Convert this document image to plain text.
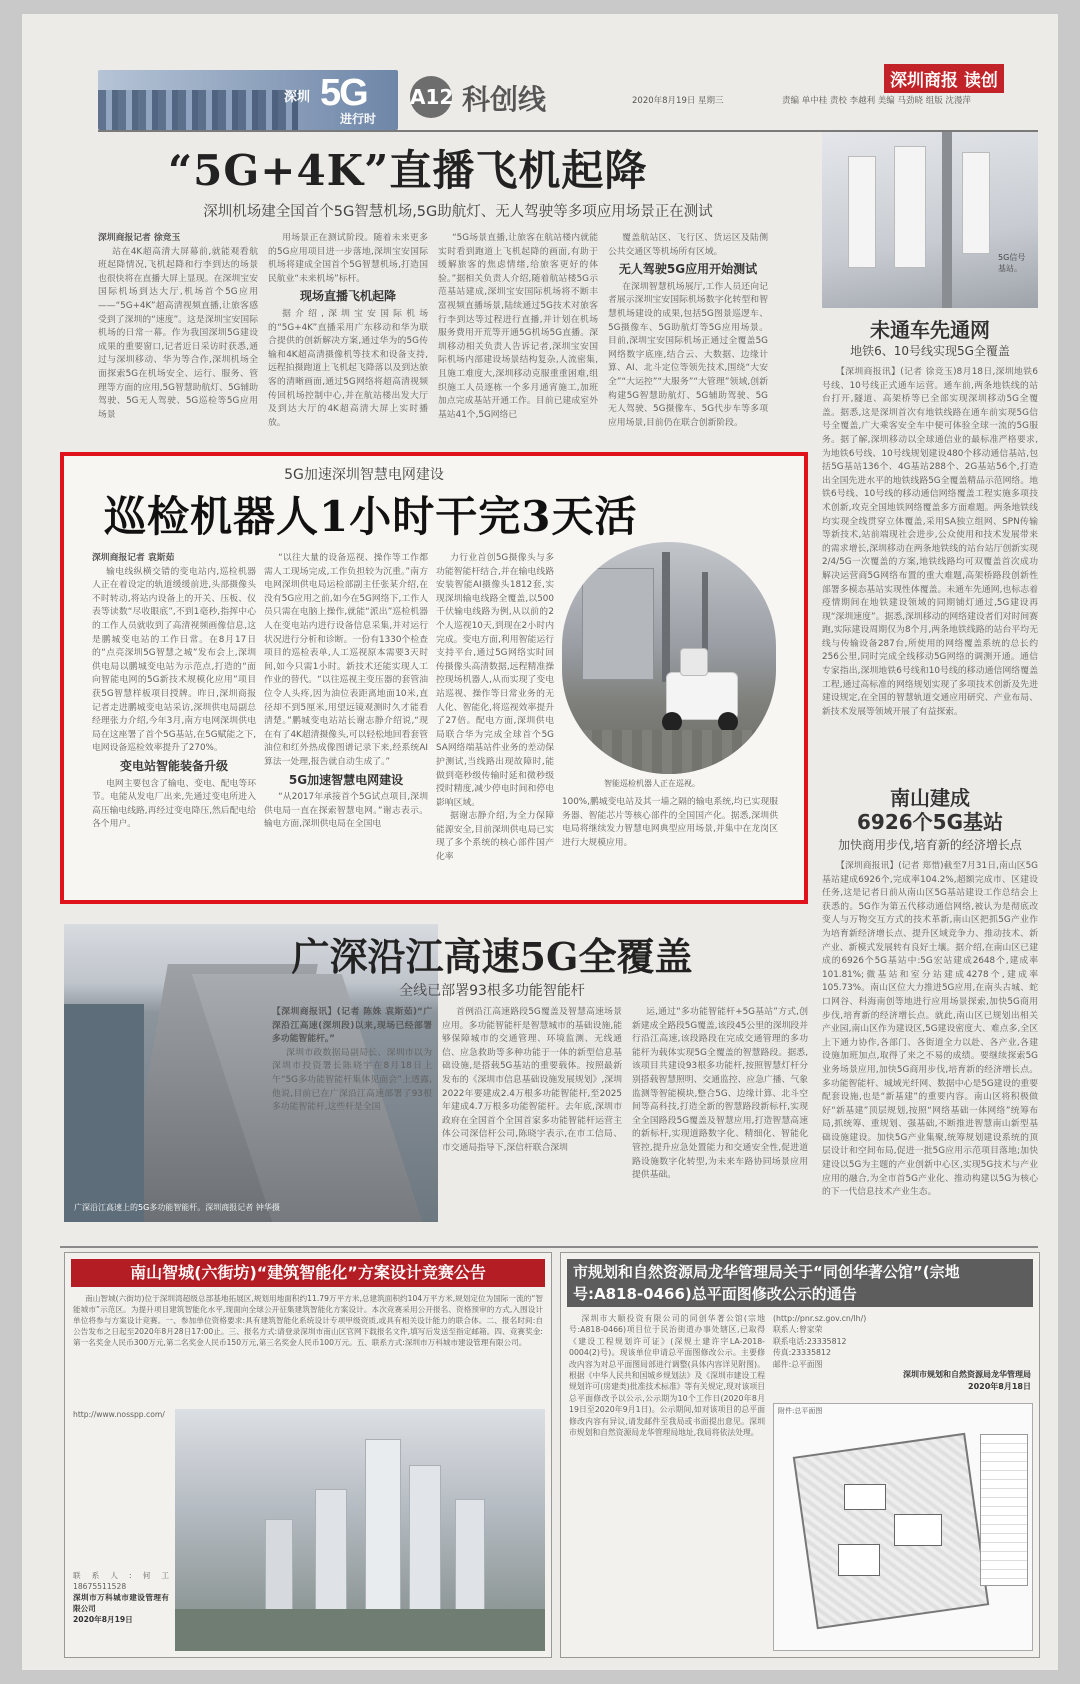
深圳 5G
进行时
A12 科创线
深圳商报 读创
2020年8月19日 星期三	责编 单中桂 责校 李越利 美编 马劲晓 组版 沈漫萍
“5G+4K”直播飞机起降
深圳机场建全国首个5G智慧机场,5G助航灯、无人驾驶等多项应用场景正在测试
深圳商报记者 徐竞玉

站在4K超高清大屏幕前,就能观看航班起降情况,飞机起降和行李到达的场景也很快将在直播大屏上显现。在深圳宝安国际机场到达大厅,机场首个5G应用——“5G+4K”超高清视频直播,让旅客感受到了深圳的“速度”。这是深圳宝安国际机场的日常一幕。作为我国深圳5G建设成果的重要窗口,记者近日采访时获悉,通过与深圳移动、华为等合作,深圳机场全面探索5G在机场安全、运行、服务、管理等方面的应用,5G智慧助航灯、5G辅助驾驶、5G无人驾驶、5G巡检等5G应用场景

用场景正在测试阶段。随着未来更多的5G应用项目进一步落地,深圳宝安国际机场将建成全国首个5G智慧机场,打造国民航业“未来机场”标杆。

现场直播飞机起降

据介绍,深圳宝安国际机场的“5G+4K”直播采用广东移动和华为联合提供的创新解决方案,通过华为的5G传输和4K超高清摄像机等技术和设备支持,远程拍摄跑道上飞机起飞降落以及到达旅客的清晰画面,通过5G网络将超高清视频传回机场控制中心,并在航站楼出发大厅及到达大厅的4K超高清大屏上实时播放。

“5G场景直播,让旅客在航站楼内就能实时看到跑道上飞机起降的画面,有助于缓解旅客的焦虑情绪,给旅客更好的体验。”据相关负责人介绍,随着航站楼5G示范基站建成,深圳宝安国际机场将不断丰富视频直播场景,陆续通过5G技术对旅客行李到达等过程进行直播,并计划在机场服务费用开荒等开通5G机场5G直播。深圳移动相关负责人告诉记者,深圳宝安国际机场内部建设场景结构复杂,人流密集,且施工难度大,深圳移动克服重重困难,组织施工人员逐栋一个多月通宵施工,加班加点完成基站开通工作。目前已建成室外基站41个,5G网络已

覆盖航站区、飞行区、货运区及陆侧公共交通区等机场所有区域。

无人驾驶5G应用开始测试

在深圳智慧机场展厅,工作人员还向记者展示深圳宝安国际机场数字化转型和智慧机场建设的成果,包括5G图景巡逻车、5G摄像车、5G助航灯等5G应用场景。目前,深圳宝安国际机场正通过全覆盖5G网络数字底座,结合云、大数据、边缘计算、AI、北斗定位等领先技术,围绕“大安全”“大运控”“大服务”“大管理”领域,创新构建5G智慧助航灯、5G辅助驾驶、5G无人驾驶、5G摄像车、5G代步车等多项应用场景,目前仍在联合创新阶段。

5G信号基站。
未通车先通网
地铁6、10号线实现5G全覆盖

【深圳商报讯】(记者 徐竞玉)8月18日,深圳地铁6号线、10号线正式通车运营。通车前,两条地铁线的站台打开,隧道、高架桥等已全部实现深圳移动5G全覆盖。据悉,这是深圳首次有地铁线路在通车前实现5G信号全覆盖,广大乘客安全车中便可体验全球一流的5G服务。据了解,深圳移动以全球通信业的最标准严格要求,为地铁6号线、10号线规划建设480个移动通信基站,包括5G基站136个、4G基站288个、2G基站56个,打造出全国先进水平的地铁线路5G全覆盖精品示范网络。地铁6号线、10号线的移动通信网络覆盖工程实施多项技术创新,攻克全国地铁网络覆盖多方面难题。两条地铁线均实现全线贯穿立体覆盖,采用SA独立组网、SPN传输等新技术,站前端现社会进步,公众使用和技术发展带来的需求增长,深圳移动在两条地铁线的站台站厅创新实现2/4/5G一次覆盖的方案,地铁线路均可双覆盖首次成功解决运营商5G网络布置的重大难题,高架桥路段创新性部署多模态基站实现性体覆盖。未通车先通网,也标志着疫情期间在地铁建设领域的同期铺灯通过,5G建设再现“深圳速度”。据悉,深圳移动的网络建设者们对时间赛跑,实际建设周期仅为8个月,两条地铁线路的站台平均无线与传输设备287台,所使用的网络覆盖系统的总长约256公里,同时完成全线移动5G网络的调测开通。通信专家指出,深圳地铁6号线和10号线的移动通信网络覆盖工程,通过高标准的网络规划实现了多项技术创新及先进建设规定,在全国的智慧轨道交通应用研究、产业布局、新技术发展等领域开展了有益探索。

南山建成
6926个5G基站
加快商用步伐,培育新的经济增长点

【深圳商报讯】(记者 郑惜)截至7月31日,南山区5G基站建成6926个,完成率104.2%,超额完成市、区建设任务,这是记者日前从南山区5G基站建设工作总结会上获悉的。5G作为第五代移动通信网络,被认为是彻底改变人与万物交互方式的技术革新,南山区把抓5G产业作为培育新经济增长点、提升区域竞争力、推动技术、新产业、新模式发展转有良好土壤。据介绍,在南山区已建成的6926个5G基站中:5G宏站建成2648个,建成率101.81%;微基站和室分站建成4278个,建成率105.73%。南山区位大力推进5G应用,在南头古城、蛇口网谷、科海南创等地进行应用场景探索,加快5G商用步伐,培育新的经济增长点。就此,南山区已规划出相关产业园,南山区作为建设区,5G建设密度大、难点多,全区上下通力协作,各部门、各街道全力以赴、各产业,各建设施加班加点,取得了来之不易的成绩。要继续探索5G业务场景应用,加快5G商用步伐,培育新的经济增长点。多功能智能杆、城域光纤网、数据中心是5G建设的重要配套设施,也是“新基建”的重要内容。南山区将积极做好“新基建”顶层规划,按照“网络基础一体网络”统筹布局,抓统筹、重规划、强基础,不断推进智慧南山新型基础设施建设。加快5G产业集聚,统筹规划建设系统的顶层设计和空间布局,促进一批5G应用示范项目落地;加快建设以5G为主题的产业创新中心区,实现5G技术与产业应用的融合,为全市首5G产业化、推动构建以5G为核心的下一代信息技术产业生态。

5G加速深圳智慧电网建设
巡检机器人1小时干完3天活
深圳商报记者 袁斯茹

输电线纵横交错的变电站内,巡检机器人正在着设定的轨道缓缓前进,头部摄像头不时转动,将站内设备上的开关、压板、仪表等读数“尽收眼底”,不到1毫秒,指挥中心的工作人员就收到了高清视频画像信息,这是鹏城变电站的工作日常。在8月17日的“点亮深圳5G智慧之城”发布会上,深圳供电局以鹏城变电站为示范点,打造的“面向智能电网的5G新技术规模化应用”项目获5G智慧样板项目授牌。昨日,深圳商报记者走进鹏城变电站采访,深圳供电局副总经理张力介绍,今年3月,南方电网深圳供电局在这座署了首个5G基站,在5G赋能之下,电网设备巡检效率提升了270%。

变电站智能装备升级

电网主要包含了输电、变电、配电等环节。电能从发电厂出来,先通过变电所进入高压输电线路,再经过变电降压,然后配电给各个用户。

“以往大量的设备巡视、操作等工作都需人工现场完成,工作负担较为沉重。”南方电网深圳供电局运检部副主任张某介绍,在没有5G应用之前,如今在5G网络下,工作人员只需在电脑上操作,就能“派出”巡检机器人在变电站内进行设备信息采集,并对运行状况进行分析和诊断。一份有1330个检查项目的巡检表单,人工巡视原本需要3天时间,如今只需1小时。新技术还能实现人工作业的替代。“以往巡视主变压器的套管油位令人头疼,因为油位表距离地面10米,直径却不到5厘米,用望远镜观测时久才能看清楚。”鹏城变电站站长谢志静介绍说,“现在有了4K超清摄像头,可以轻松地回看套管油位和红外热成像图谱记录下来,经系统AI算法一处理,报告就自动生成了。”

5G加速智慧电网建设

“从2017年承接首个5G试点项目,深圳供电局一直在探索智慧电网。”谢志表示。输电方面,深圳供电局在全国电

力行业首创5G摄像头与多功能智能杆结合,并在输电线路安装智能AI摄像头1812套,实现深圳输电线路全覆盖,以500千伏输电线路为例,从以前的2个人巡视10天,到现在2小时内完成。变电方面,利用智能运行支持平台,通过5G网络实时回传摄像头高清数据,远程精准操控现场机器人,从而实现了变电站巡视、操作等日常业务的无人化、智能化,将巡视效率提升了27倍。配电方面,深圳供电局联合华为完成全球首个5G SA网络端基站件业务的差动保护测试,当线路出现故障时,能做到毫秒级传输时延和微秒级授时精度,减少停电时间和停电影响区域。

据谢志静介绍,为全力保障能源安全,目前深圳供电局已实现了多个系统的核心部件国产化率

智能巡检机器人正在巡视。

100%,鹏城变电站及其一墙之隔的输电系统,均已实现服务器、智能芯片等核心部件的全国国产化。据悉,深圳供电局将继续发力智慧电网典型应用场景,并集中在龙岗区进行大规模应用。

广深沿江高速上的5G多功能智能杆。深圳商报记者 钟华摄
广深沿江高速5G全覆盖
全线已部署93根多功能智能杆
【深圳商报讯】(记者 陈姝 袁斯茹)“广深沿江高速(深圳段)以来,现场已经部署多功能智能杆。”

深圳市政数据局副局长、深圳市以为深圳市投资署长陈晓宇在8月18日上午“5G多功能智能杆集体见面会”上透露,他说,目前已在广深沿江高速部署了93根多功能智能杆,这些杆是全国

首例沿江高速路段5G覆盖及智慧高速场景应用。多功能智能杆是智慧城市的基础设施,能够保障城市的交通管理、环境监测、无线通信、应急救助等多种功能于一体的新型信息基础设施,是搭载5G基站的重要载体。按照最新发布的《深圳市信息基础设施发展规划》,深圳2022年要建成2.4万根多功能智能杆,至2025年建成4.7万根多功能智能杆。去年底,深圳市政府在全国首个全国首家多功能智能杆运营主体公司深信杆公司,陈晓宇表示,在市工信局、市交通局指导下,深信杆联合深圳

运,通过“多功能智能杆+5G基站”方式,创新建成全路段5G覆盖,该段45公里的深圳段并行沿江高速,该段路段在完成交通管理的多功能杆为载体实现5G全覆盖的智慧路段。据悉,该项目共建设93根多功能杆,按照智慧灯杆分别搭载智慧照明、交通监控、应急广播、气象监测等智能模块,整合5G、边缘计算、北斗空间等高科技,打造全新的智慧路段新标杆,实现全全国路段5G覆盖及智慧应用,打造智慧高速的新标杆,实现道路数字化、精细化、智能化管控,提升应急处置能力和交通安全性,促进道路设施数字化转型,为未来车路协同场景应用提供基础。

南山智城(六街坊)“建筑智能化”方案设计竞赛公告

南山智城(六街坊)位于深圳湾超级总部基地拓展区,规划用地面积约11.79万平方米,总建筑面积约104万平方米,规划定位为国际一流的“智能城市”示范区。为提升项目建筑智能化水平,现面向全球公开征集建筑智能化方案设计。本次竞赛采用公开报名、资格预审的方式,入围设计单位将参与方案设计竞赛。一、参加单位资格要求:具有建筑智能化系统设计专项甲级资质,或具有相关设计能力的联合体。二、报名时间:自公告发布之日起至2020年8月28日17:00止。三、报名方式:请登录深圳市南山区官网下载报名文件,填写后发送至指定邮箱。四、竞赛奖金:第一名奖金人民币300万元,第二名奖金人民币150万元,第三名奖金人民币100万元。五、联系方式:深圳市万科城市建设管理有限公司。

http://www.nosspp.com/
联系人:何工 18675511528
深圳市万科城市建设管理有限公司
2020年8月19日
市规划和自然资源局龙华管理局关于“同创华著公馆”(宗地号:A818-0466)总平面图修改公示的通告

深圳市大顺投资有限公司的同创华著公馆(宗地号:A818-0466)项目位于民治街道办事处辖区,已取得《建设工程规划许可证》(深规土建许字LA-2018-0004(2)号)。现该单位申请总平面图修改公示。主要修改内容为对总平面图局部进行调整(具体内容详见附图)。根据《中华人民共和国城乡规划法》及《深圳市建设工程规划许可(房建类)批准技术标准》等有关规定,现对该项目总平面修改予以公示,公示期为10个工作日(2020年8月19日至2020年9月1日)。公示期间,如对该项目的总平面修改内容有异议,请发邮件至我局或书面提出意见。深圳市规划和自然资源局龙华管理局地址,我局将依法处理。

(http://pnr.sz.gov.cn/lh/)
联系人:曾家荣
联系电话:23335812
传真:23335812
邮件:总平面图
深圳市规划和自然资源局龙华管理局
2020年8月18日
附件:总平面图
